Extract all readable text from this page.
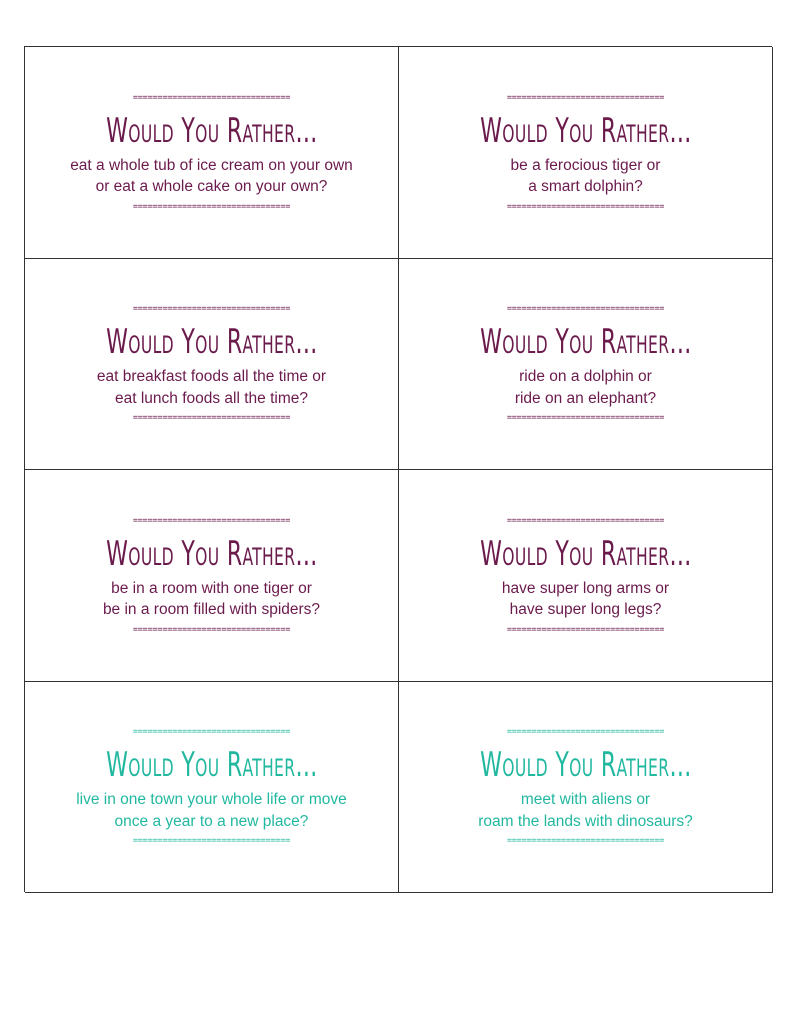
================================
Would You Rather…

eat a whole tub of ice cream on your own
or eat a whole cake on your own?

================================
================================
Would You Rather…

be a ferocious tiger or
a smart dolphin?

================================
================================
Would You Rather…

eat breakfast foods all the time or
eat lunch foods all the time?

================================
================================
Would You Rather…

ride on a dolphin or
ride on an elephant?

================================
================================
Would You Rather…

be in a room with one tiger or
be in a room filled with spiders?

================================
================================
Would You Rather…

have super long arms or
have super long legs?

================================
================================
Would You Rather…

live in one town your whole life or move
once a year to a new place?

================================
================================
Would You Rather…

meet with aliens or
roam the lands with dinosaurs?

================================
